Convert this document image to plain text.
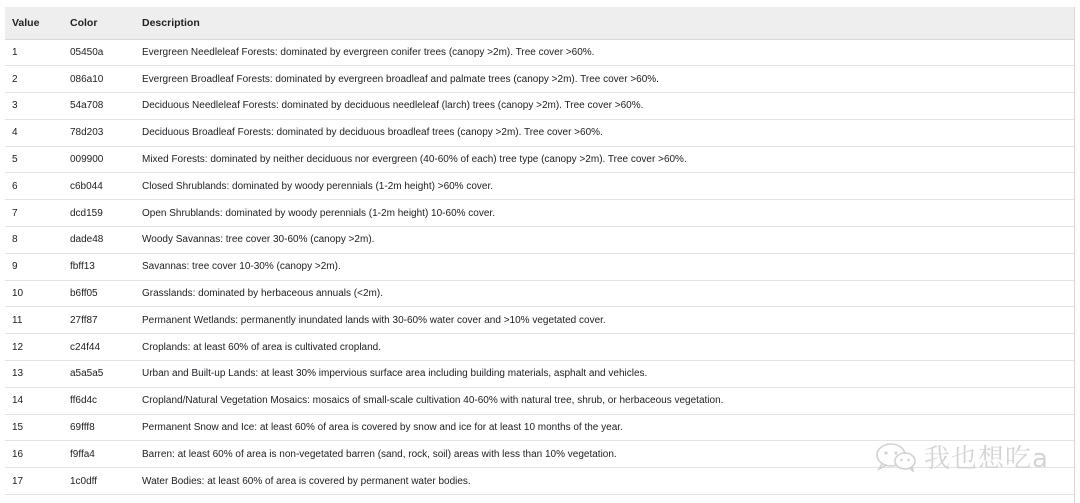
Value	Color	Description
1	05450a	Evergreen Needleleaf Forests: dominated by evergreen conifer trees (canopy >2m). Tree cover >60%.
2	086a10	Evergreen Broadleaf Forests: dominated by evergreen broadleaf and palmate trees (canopy >2m). Tree cover >60%.
3	54a708	Deciduous Needleleaf Forests: dominated by deciduous needleleaf (larch) trees (canopy >2m). Tree cover >60%.
4	78d203	Deciduous Broadleaf Forests: dominated by deciduous broadleaf trees (canopy >2m). Tree cover >60%.
5	009900	Mixed Forests: dominated by neither deciduous nor evergreen (40-60% of each) tree type (canopy >2m). Tree cover >60%.
6	c6b044	Closed Shrublands: dominated by woody perennials (1-2m height) >60% cover.
7	dcd159	Open Shrublands: dominated by woody perennials (1-2m height) 10-60% cover.
8	dade48	Woody Savannas: tree cover 30-60% (canopy >2m).
9	fbff13	Savannas: tree cover 10-30% (canopy >2m).
10	b6ff05	Grasslands: dominated by herbaceous annuals (<2m).
11	27ff87	Permanent Wetlands: permanently inundated lands with 30-60% water cover and >10% vegetated cover.
12	c24f44	Croplands: at least 60% of area is cultivated cropland.
13	a5a5a5	Urban and Built-up Lands: at least 30% impervious surface area including building materials, asphalt and vehicles.
14	ff6d4c	Cropland/Natural Vegetation Mosaics: mosaics of small-scale cultivation 40-60% with natural tree, shrub, or herbaceous vegetation.
15	69fff8	Permanent Snow and Ice: at least 60% of area is covered by snow and ice for at least 10 months of the year.
16	f9ffa4	Barren: at least 60% of area is non-vegetated barren (sand, rock, soil) areas with less than 10% vegetation.
17	1c0dff	Water Bodies: at least 60% of area is covered by permanent water bodies.
我也想吃a
